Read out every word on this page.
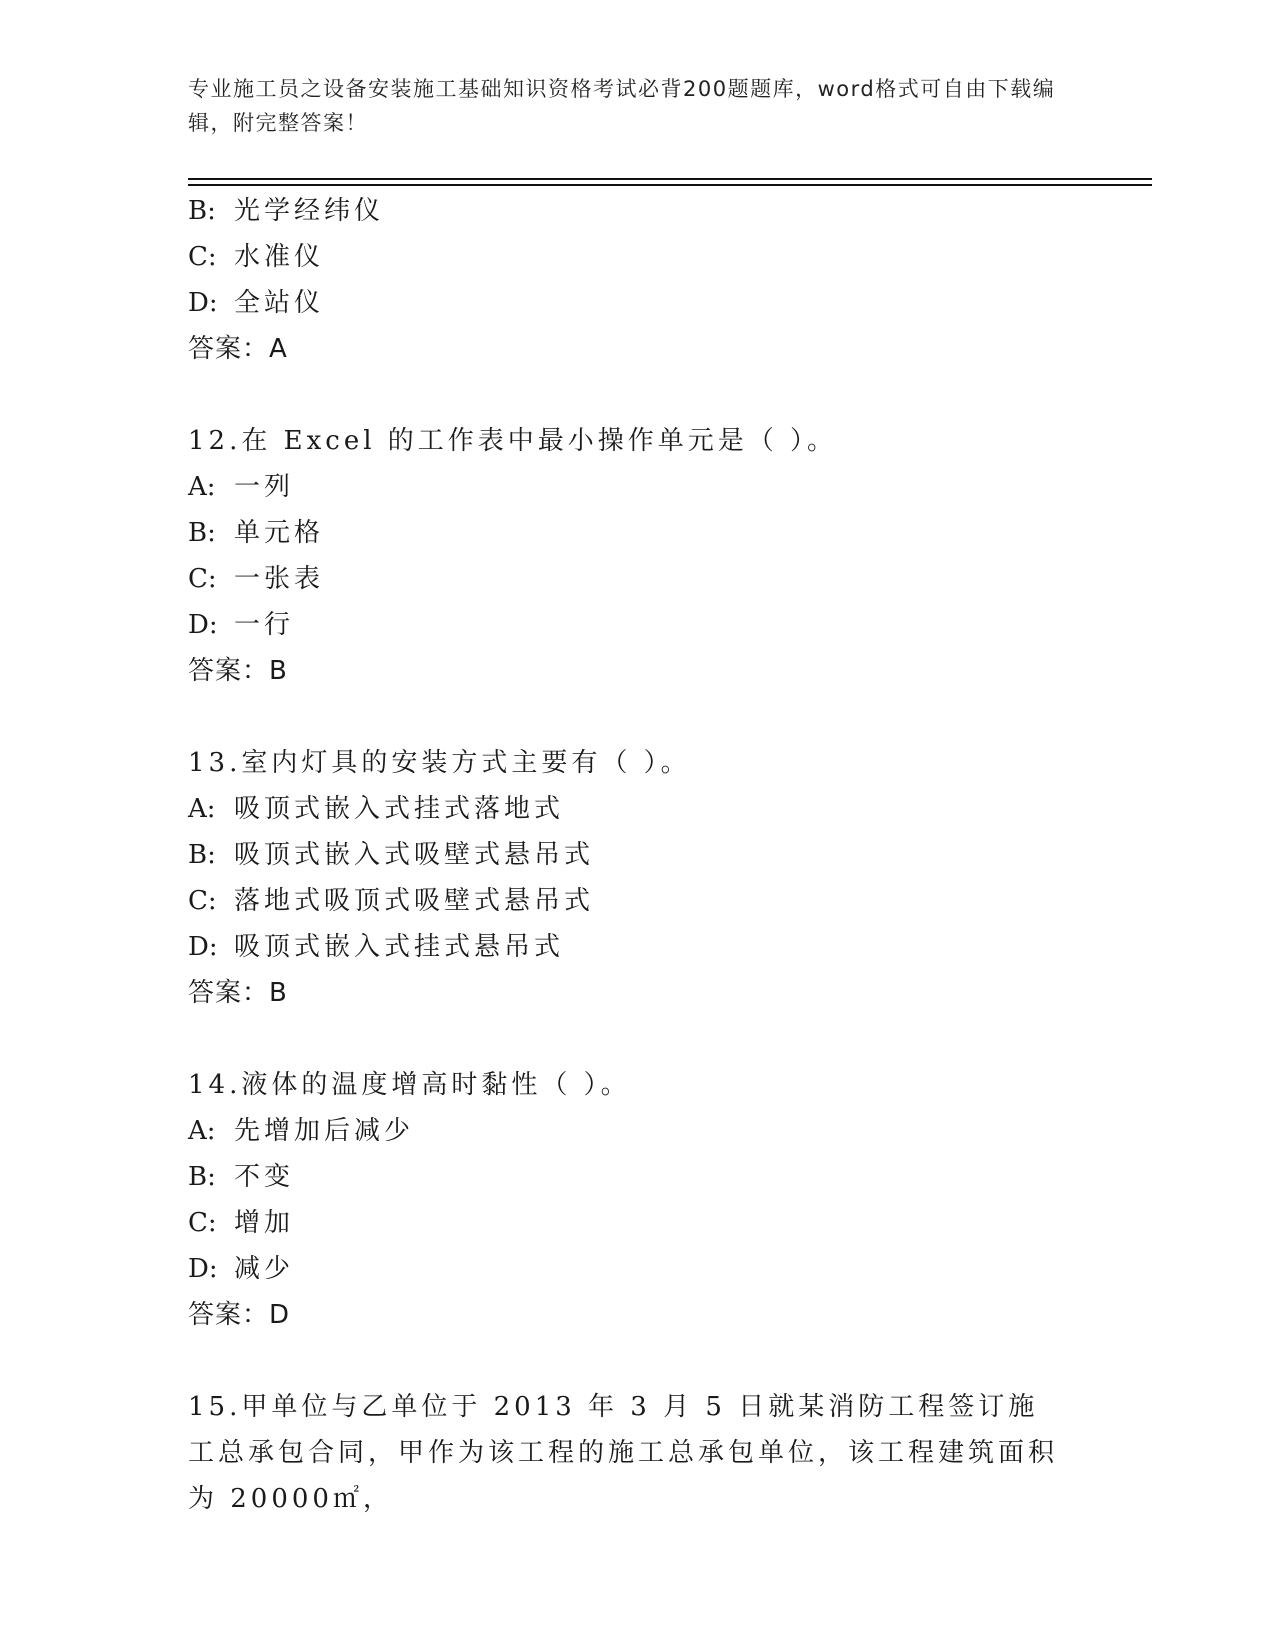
专业施工员之设备安装施工基础知识资格考试必背200题题库，word格式可自由下载编辑，附完整答案！
B: 光学经纬仪
C: 水准仪
D: 全站仪
答案：A
12.在 Excel 的工作表中最小操作单元是（ ）。
A: 一列
B: 单元格
C: 一张表
D: 一行
答案：B
13.室内灯具的安装方式主要有（ ）。
A: 吸顶式嵌入式挂式落地式
B: 吸顶式嵌入式吸壁式悬吊式
C: 落地式吸顶式吸壁式悬吊式
D: 吸顶式嵌入式挂式悬吊式
答案：B
14.液体的温度增高时黏性（ ）。
A: 先增加后减少
B: 不变
C: 增加
D: 减少
答案：D
15.甲单位与乙单位于 2013 年 3 月 5 日就某消防工程签订施工总承包合同，甲作为该工程的施工总承包单位，该工程建筑面积为 20000㎡，
